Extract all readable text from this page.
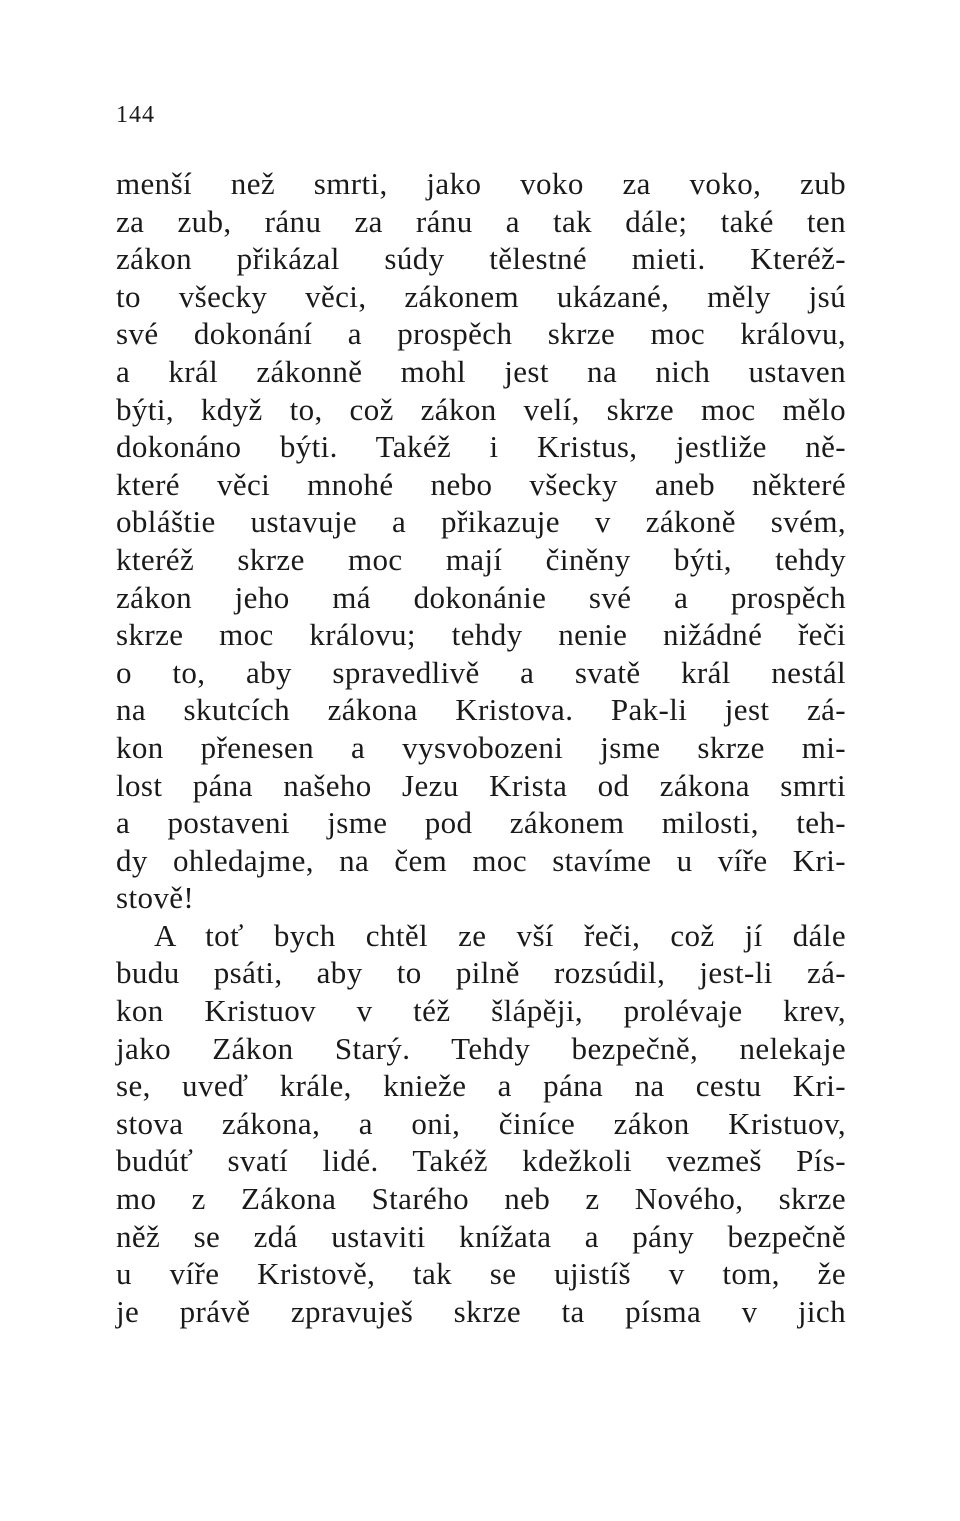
144
menší než smrti, jako voko za voko, zub
za zub, ránu za ránu a tak dále; také ten
zákon přikázal súdy tělestné mieti. Kteréž-
to všecky věci, zákonem ukázané, měly jsú
své dokonání a prospěch skrze moc královu,
a král zákonně mohl jest na nich ustaven
býti, když to, což zákon velí, skrze moc mělo
dokonáno býti. Takéž i Kristus, jestliže ně-
které věci mnohé nebo všecky aneb některé
obláštie ustavuje a přikazuje v zákoně svém,
kteréž skrze moc mají činěny býti, tehdy
zákon jeho má dokonánie své a prospěch
skrze moc královu; tehdy nenie nižádné řeči
o to, aby spravedlivě a svatě král nestál
na skutcích zákona Kristova. Pak-li jest zá-
kon přenesen a vysvobozeni jsme skrze mi-
lost pána našeho Jezu Krista od zákona smrti
a postaveni jsme pod zákonem milosti, teh-
dy ohledajme, na čem moc stavíme u víře Kri-
stově!
A toť bych chtěl ze vší řeči, což jí dále
budu psáti, aby to pilně rozsúdil, jest-li zá-
kon Kristuov v též šlápěji, prolévaje krev,
jako Zákon Starý. Tehdy bezpečně, nelekaje
se, uveď krále, knieže a pána na cestu Kri-
stova zákona, a oni, činíce zákon Kristuov,
budúť svatí lidé. Takéž kdežkoli vezmeš Pís-
mo z Zákona Starého neb z Nového, skrze
něž se zdá ustaviti knížata a pány bezpečně
u víře Kristově, tak se ujistíš v tom, že
je právě zpravuješ skrze ta písma v jich
